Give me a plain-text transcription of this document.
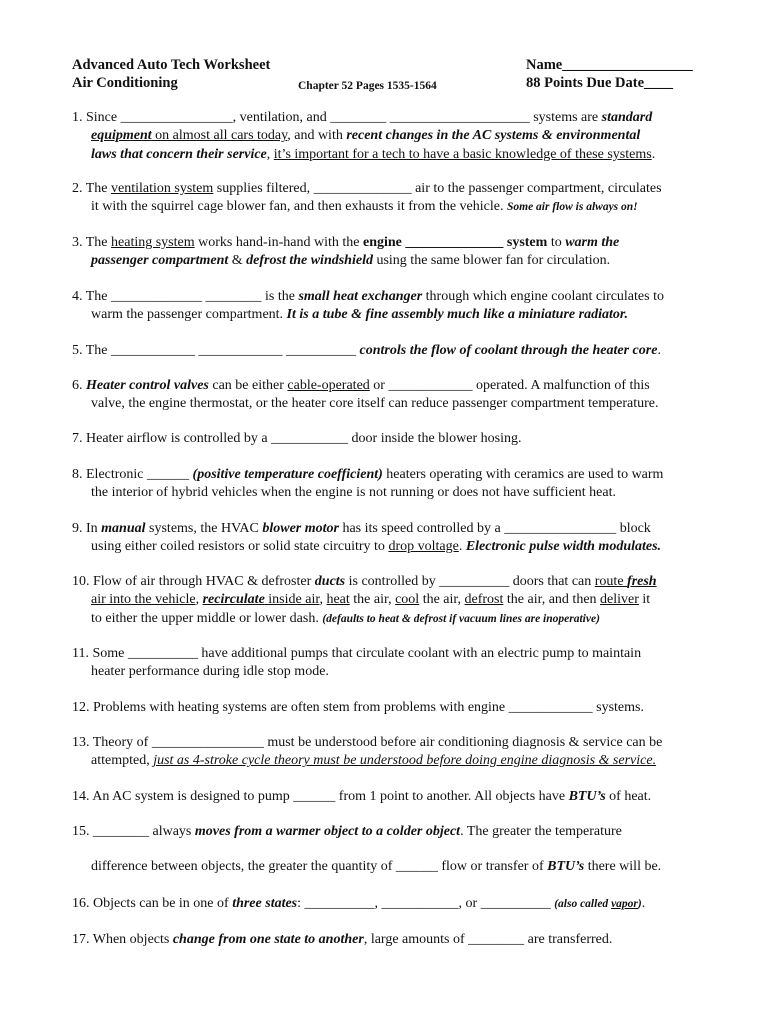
Advanced Auto Tech Worksheet
Air Conditioning	Chapter 52 Pages 1535-1564
Name__________________
88 Points Due Date____
1. Since ________________, ventilation, and ________ ____________________ systems are standard
equipment on almost all cars today, and with recent changes in the AC systems & environmental
laws that concern their service, it’s important for a tech to have a basic knowledge of these systems.
2. The ventilation system supplies filtered, ______________ air to the passenger compartment, circulates
it with the squirrel cage blower fan, and then exhausts it from the vehicle. Some air flow is always on!
3. The heating system works hand-in-hand with the engine ______________ system to warm the
passenger compartment & defrost the windshield using the same blower fan for circulation.
4. The _____________ ________ is the small heat exchanger through which engine coolant circulates to
warm the passenger compartment. It is a tube & fine assembly much like a miniature radiator.
5. The ____________ ____________ __________ controls the flow of coolant through the heater core.
6. Heater control valves can be either cable-operated or ____________ operated. A malfunction of this
valve, the engine thermostat, or the heater core itself can reduce passenger compartment temperature.
7. Heater airflow is controlled by a ___________ door inside the blower hosing.
8. Electronic ______ (positive temperature coefficient) heaters operating with ceramics are used to warm
the interior of hybrid vehicles when the engine is not running or does not have sufficient heat.
9. In manual systems, the HVAC blower motor has its speed controlled by a ________________ block
using either coiled resistors or solid state circuitry to drop voltage. Electronic pulse width modulates.
10. Flow of air through HVAC & defroster ducts is controlled by __________ doors that can route fresh
air into the vehicle, recirculate inside air, heat the air, cool the air, defrost the air, and then deliver it
to either the upper middle or lower dash. (defaults to heat & defrost if vacuum lines are inoperative)
11. Some __________ have additional pumps that circulate coolant with an electric pump to maintain
heater performance during idle stop mode.
12. Problems with heating systems are often stem from problems with engine ____________ systems.
13. Theory of ________________ must be understood before air conditioning diagnosis & service can be
attempted, just as 4-stroke cycle theory must be understood before doing engine diagnosis & service.
14. An AC system is designed to pump ______ from 1 point to another. All objects have BTU’s of heat.
15. ________ always moves from a warmer object to a colder object. The greater the temperature
difference between objects, the greater the quantity of ______ flow or transfer of BTU’s there will be.
16. Objects can be in one of three states: __________, ___________, or __________ (also called vapor).
17. When objects change from one state to another, large amounts of ________ are transferred.
